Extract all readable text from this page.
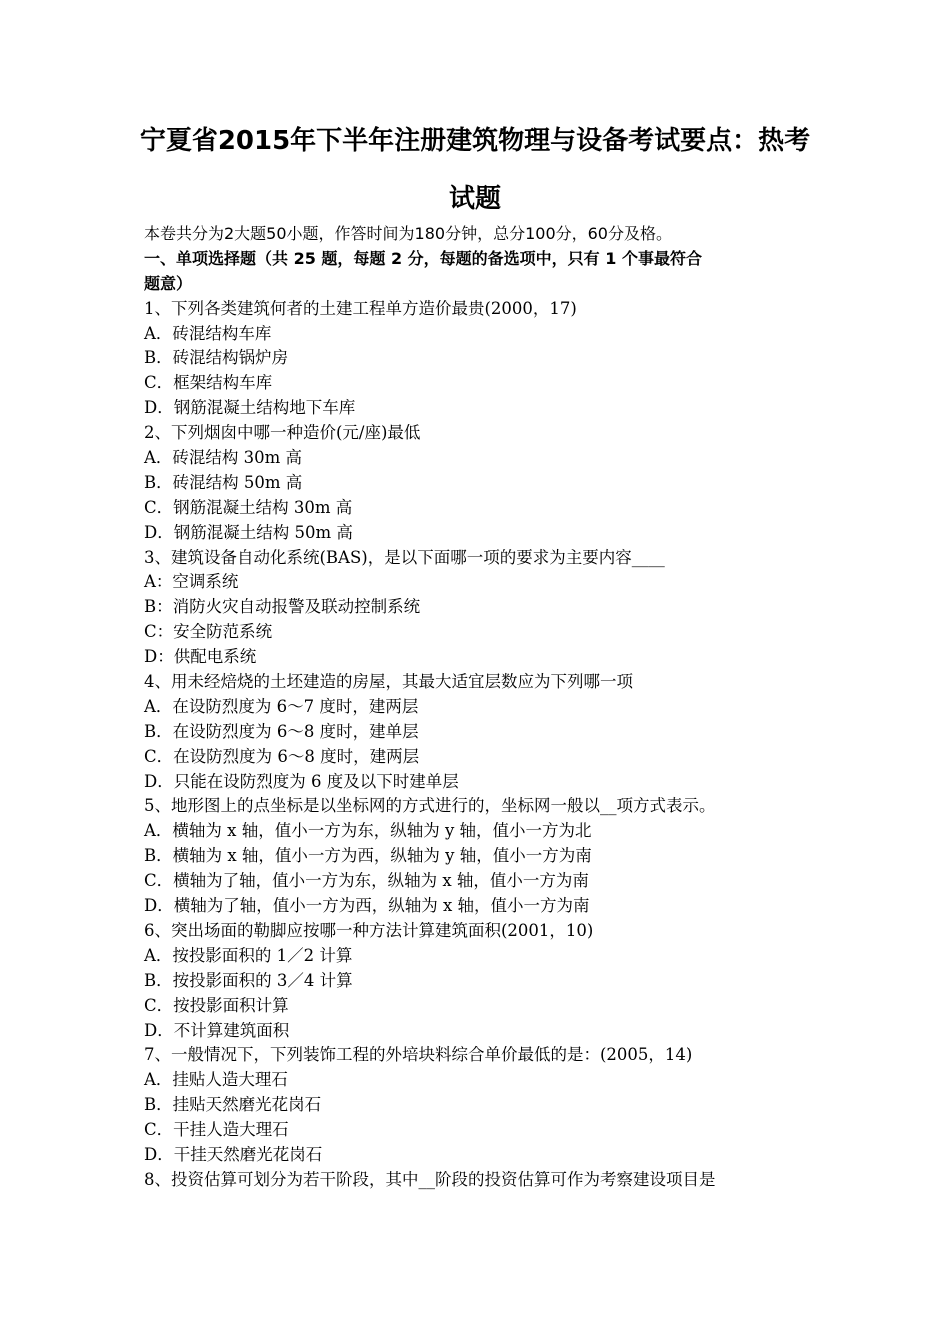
宁夏省2015年下半年注册建筑物理与设备考试要点：热考
试题
本卷共分为2大题50小题，作答时间为180分钟，总分100分，60分及格。
一、单项选择题（共 25 题，每题 2 分，每题的备选项中，只有 1 个事最符合
题意）
1、下列各类建筑何者的土建工程单方造价最贵(2000，17)
A．砖混结构车库
B．砖混结构锅炉房
C．框架结构车库
D．钢筋混凝土结构地下车库
2、下列烟囱中哪一种造价(元/座)最低
A．砖混结构 30m 高
B．砖混结构 50m 高
C．钢筋混凝土结构 30m 高
D．钢筋混凝土结构 50m 高
3、建筑设备自动化系统(BAS)，是以下面哪一项的要求为主要内容____
A：空调系统
B：消防火灾自动报警及联动控制系统
C：安全防范系统
D：供配电系统
4、用未经焙烧的土坯建造的房屋，其最大适宜层数应为下列哪一项
A．在设防烈度为 6～7 度时，建两层
B．在设防烈度为 6～8 度时，建单层
C．在设防烈度为 6～8 度时，建两层
D．只能在设防烈度为 6 度及以下时建单层
5、地形图上的点坐标是以坐标网的方式进行的，坐标网一般以__项方式表示。
A．横轴为 x 轴，值小一方为东，纵轴为 y 轴，值小一方为北
B．横轴为 x 轴，值小一方为西，纵轴为 y 轴，值小一方为南
C．横轴为了轴，值小一方为东，纵轴为 x 轴，值小一方为南
D．横轴为了轴，值小一方为西，纵轴为 x 轴，值小一方为南
6、突出场面的勒脚应按哪一种方法计算建筑面积(2001，10)
A．按投影面积的 1／2 计算
B．按投影面积的 3／4 计算
C．按投影面积计算
D．不计算建筑面积
7、一般情况下，下列装饰工程的外培块料综合单价最低的是：(2005，14)
A．挂贴人造大理石
B．挂贴天然磨光花岗石
C．干挂人造大理石
D．干挂天然磨光花岗石
8、投资估算可划分为若干阶段，其中__阶段的投资估算可作为考察建设项目是
